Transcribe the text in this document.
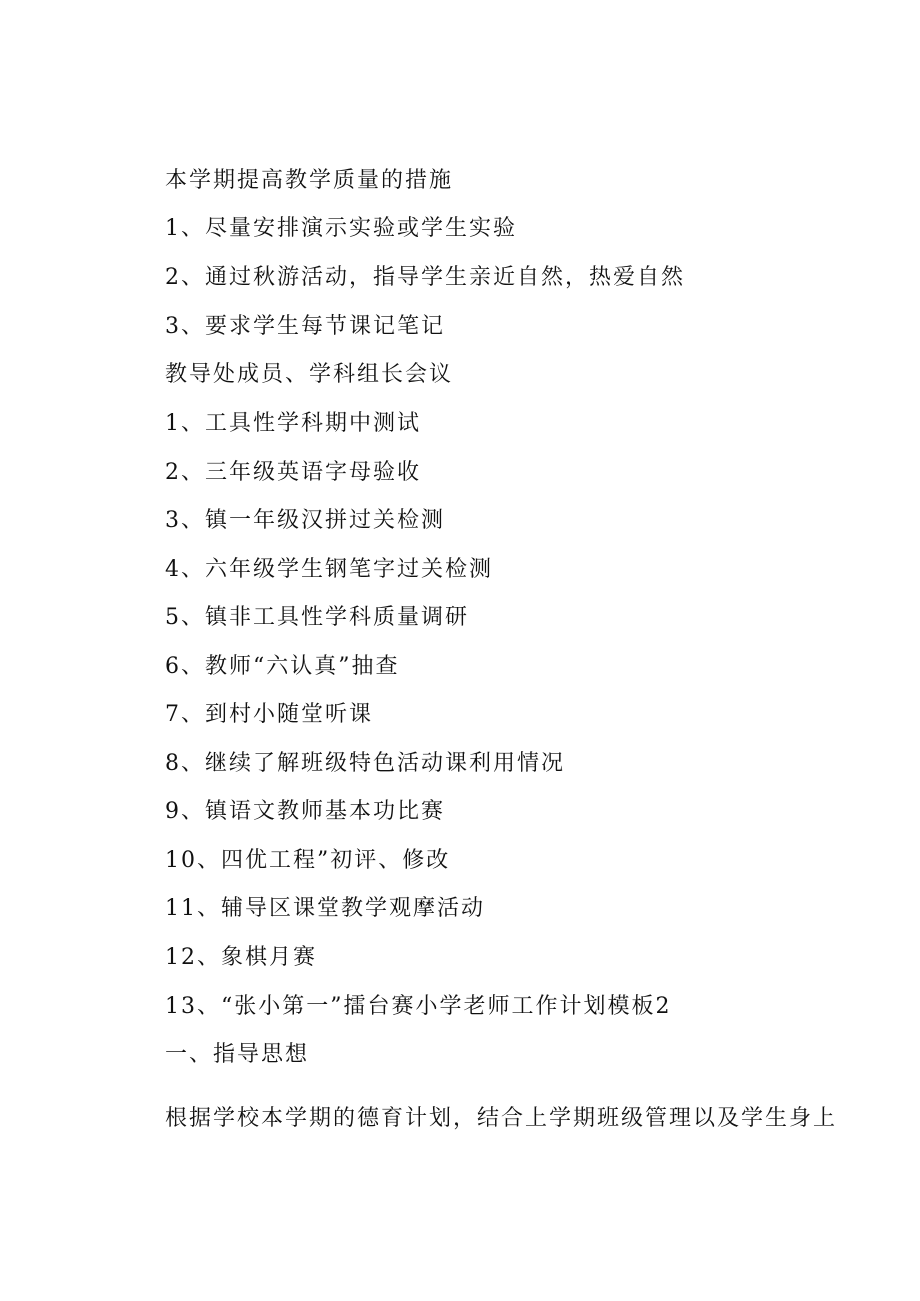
本学期提高教学质量的措施
1、尽量安排演示实验或学生实验
2、通过秋游活动，指导学生亲近自然，热爱自然
3、要求学生每节课记笔记
教导处成员、学科组长会议
1、工具性学科期中测试
2、三年级英语字母验收
3、镇一年级汉拼过关检测
4、六年级学生钢笔字过关检测
5、镇非工具性学科质量调研
6、教师“六认真”抽查
7、到村小随堂听课
8、继续了解班级特色活动课利用情况
9、镇语文教师基本功比赛
10、四优工程”初评、修改
11、辅导区课堂教学观摩活动
12、象棋月赛
13、“张小第一”擂台赛小学老师工作计划模板2
一、指导思想
根据学校本学期的德育计划，结合上学期班级管理以及学生身上
